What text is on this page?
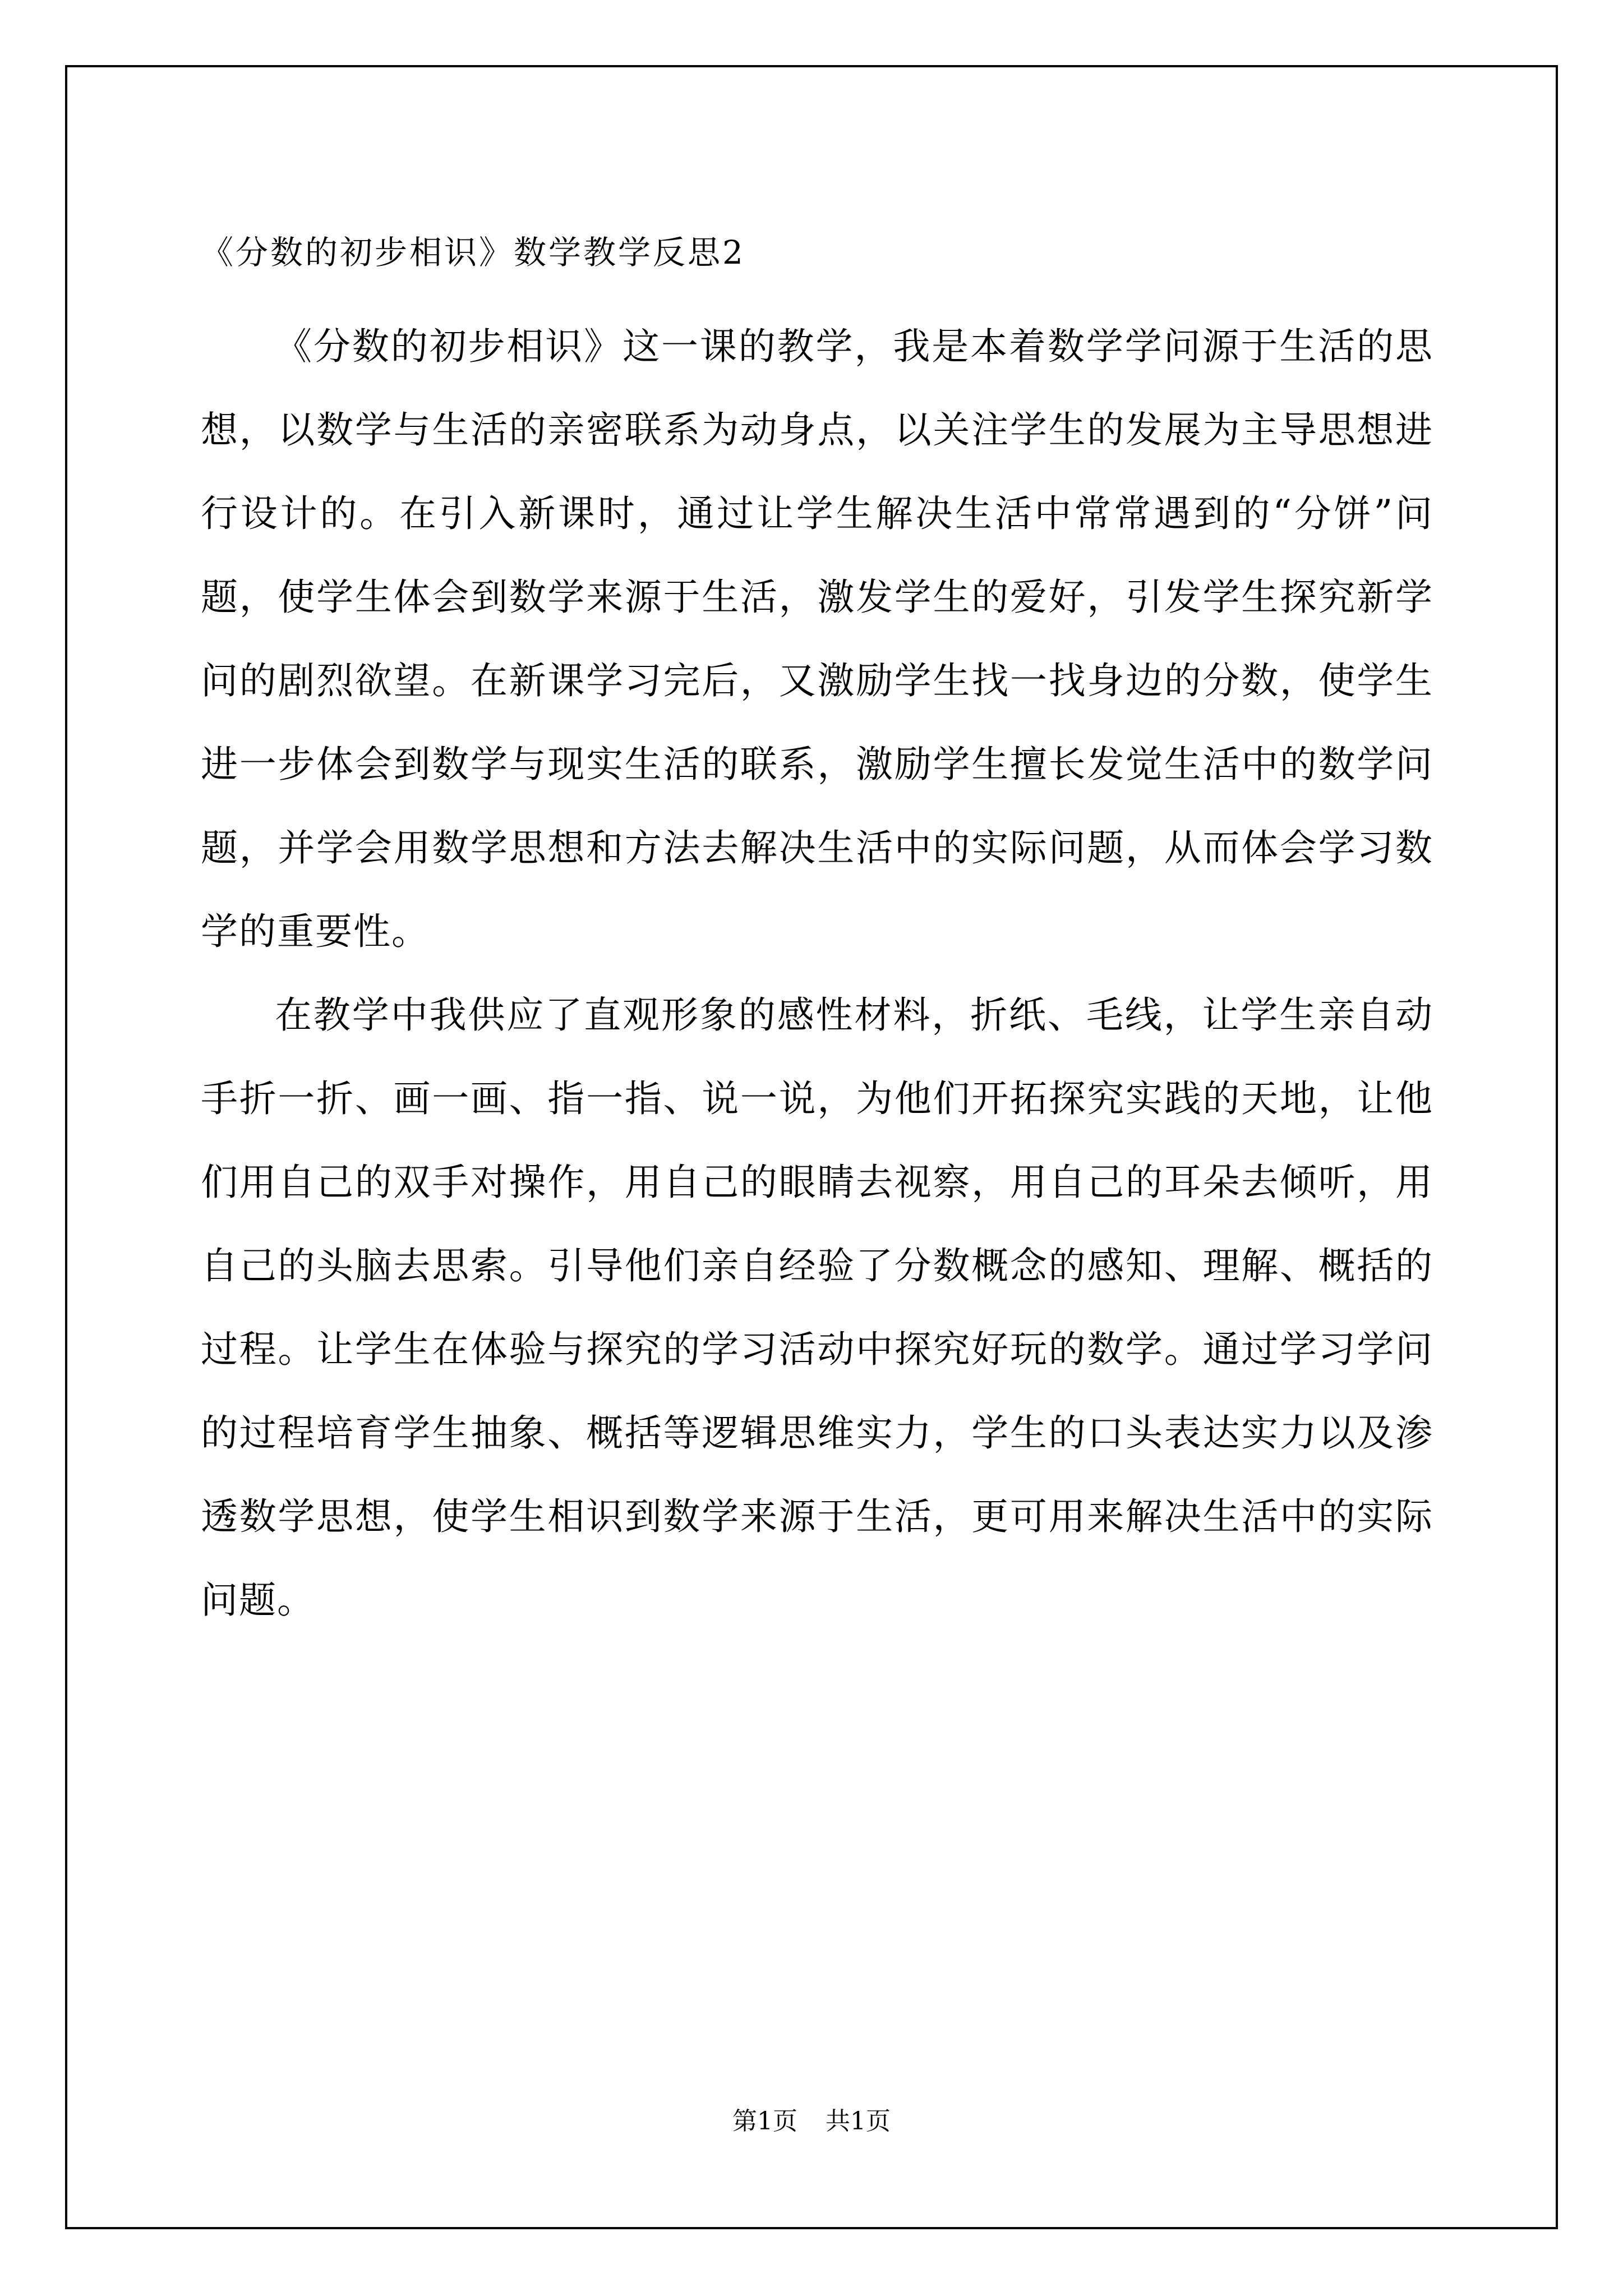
《分数的初步相识》数学教学反思2

《分数的初步相识》这一课的教学，我是本着数学学问源于生活的思想，以数学与生活的亲密联系为动身点，以关注学生的发展为主导思想进行设计的。在引入新课时，通过让学生解决生活中常常遇到的“分饼”问题，使学生体会到数学来源于生活，激发学生的爱好，引发学生探究新学问的剧烈欲望。在新课学习完后，又激励学生找一找身边的分数，使学生进一步体会到数学与现实生活的联系，激励学生擅长发觉生活中的数学问题，并学会用数学思想和方法去解决生活中的实际问题，从而体会学习数学的重要性。

在教学中我供应了直观形象的感性材料，折纸、毛线，让学生亲自动手折一折、画一画、指一指、说一说，为他们开拓探究实践的天地，让他们用自己的双手对操作，用自己的眼睛去视察，用自己的耳朵去倾听，用自己的头脑去思索。引导他们亲自经验了分数概念的感知、理解、概括的过程。让学生在体验与探究的学习活动中探究好玩的数学。通过学习学问的过程培育学生抽象、概括等逻辑思维实力，学生的口头表达实力以及渗透数学思想，使学生相识到数学来源于生活，更可用来解决生活中的实际问题。

第1页 共1页
